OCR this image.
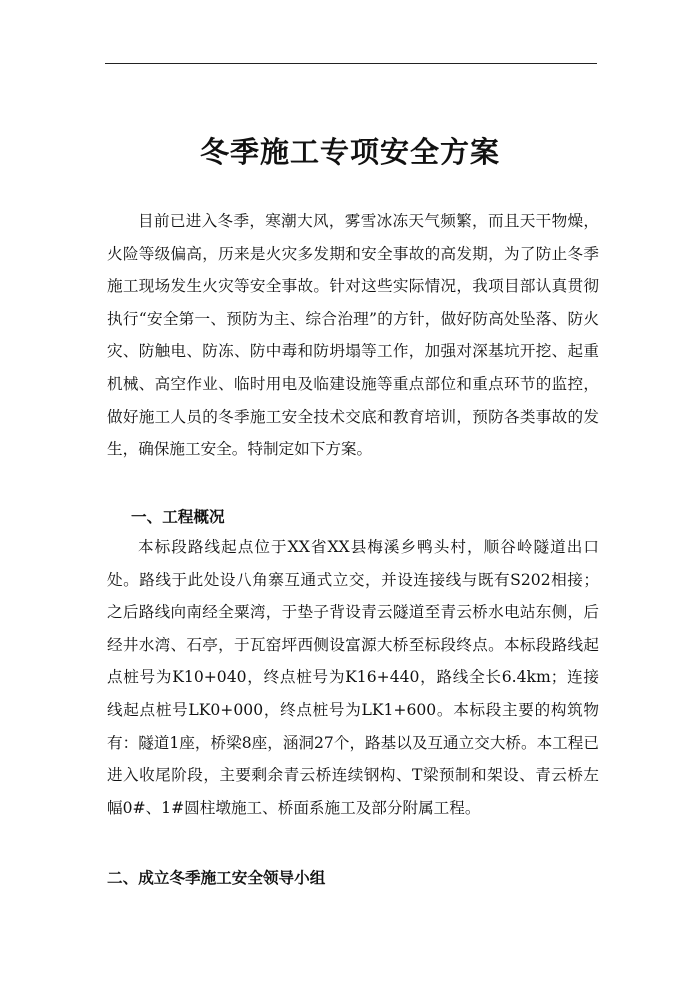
冬季施工专项安全方案

目前已进入冬季，寒潮大风，雾雪冰冻天气频繁，而且天干物燥，火险等级偏高，历来是火灾多发期和安全事故的高发期，为了防止冬季施工现场发生火灾等安全事故。针对这些实际情况，我项目部认真贯彻执行“安全第一、预防为主、综合治理”的方针，做好防高处坠落、防火灾、防触电、防冻、防中毒和防坍塌等工作，加强对深基坑开挖、起重机械、高空作业、临时用电及临建设施等重点部位和重点环节的监控，做好施工人员的冬季施工安全技术交底和教育培训，预防各类事故的发生，确保施工安全。特制定如下方案。

一、工程概况

本标段路线起点位于XX省XX县梅溪乡鸭头村，顺谷岭隧道出口处。路线于此处设八角寨互通式立交，并设连接线与既有S202相接；之后路线向南经全粟湾，于垫子背设青云隧道至青云桥水电站东侧，后经井水湾、石亭，于瓦窑坪西侧设富源大桥至标段终点。本标段路线起点桩号为K10+040，终点桩号为K16+440，路线全长6.4km；连接线起点桩号LK0+000，终点桩号为LK1+600。本标段主要的构筑物有：隧道1座，桥梁8座，涵洞27个，路基以及互通立交大桥。本工程已进入收尾阶段，主要剩余青云桥连续钢构、T梁预制和架设、青云桥左幅0#、1#圆柱墩施工、桥面系施工及部分附属工程。

二、成立冬季施工安全领导小组
